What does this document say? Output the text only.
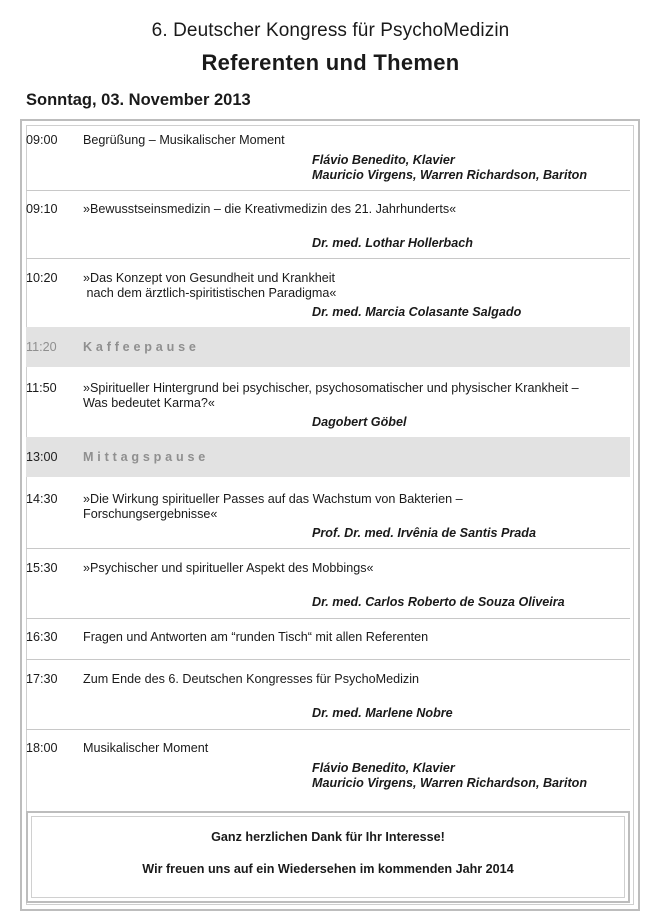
6. Deutscher Kongress für PsychoMedizin
Referenten und Themen
Sonntag, 03. November 2013
09:00	Begrüßung – Musikalischer Moment
Flávio Benedito, Klavier
Mauricio Virgens, Warren Richardson, Bariton
09:10	»Bewusstseinsmedizin – die Kreativmedizin des 21. Jahrhunderts«
Dr. med. Lothar Hollerbach
10:20	»Das Konzept von Gesundheit und Krankheit
nach dem ärztlich-spiritistischen Paradigma«
Dr. med. Marcia Colasante Salgado
11:20 Kaffeepause
11:50	»Spiritueller Hintergrund bei psychischer, psychosomatischer und physischer Krankheit –
Was bedeutet Karma?«
Dagobert Göbel
13:00 Mittagspause
14:30	»Die Wirkung spiritueller Passes auf das Wachstum von Bakterien –
Forschungsergebnisse«
Prof. Dr. med. Irvênia de Santis Prada
15:30	»Psychischer und spiritueller Aspekt des Mobbings«
Dr. med. Carlos Roberto de Souza Oliveira
16:30	Fragen und Antworten am “runden Tisch“ mit allen Referenten
17:30	Zum Ende des 6. Deutschen Kongresses für PsychoMedizin
Dr. med. Marlene Nobre
18:00	Musikalischer Moment
Flávio Benedito, Klavier
Mauricio Virgens, Warren Richardson, Bariton
Ganz herzlichen Dank für Ihr Interesse!
Wir freuen uns auf ein Wiedersehen im kommenden Jahr 2014
